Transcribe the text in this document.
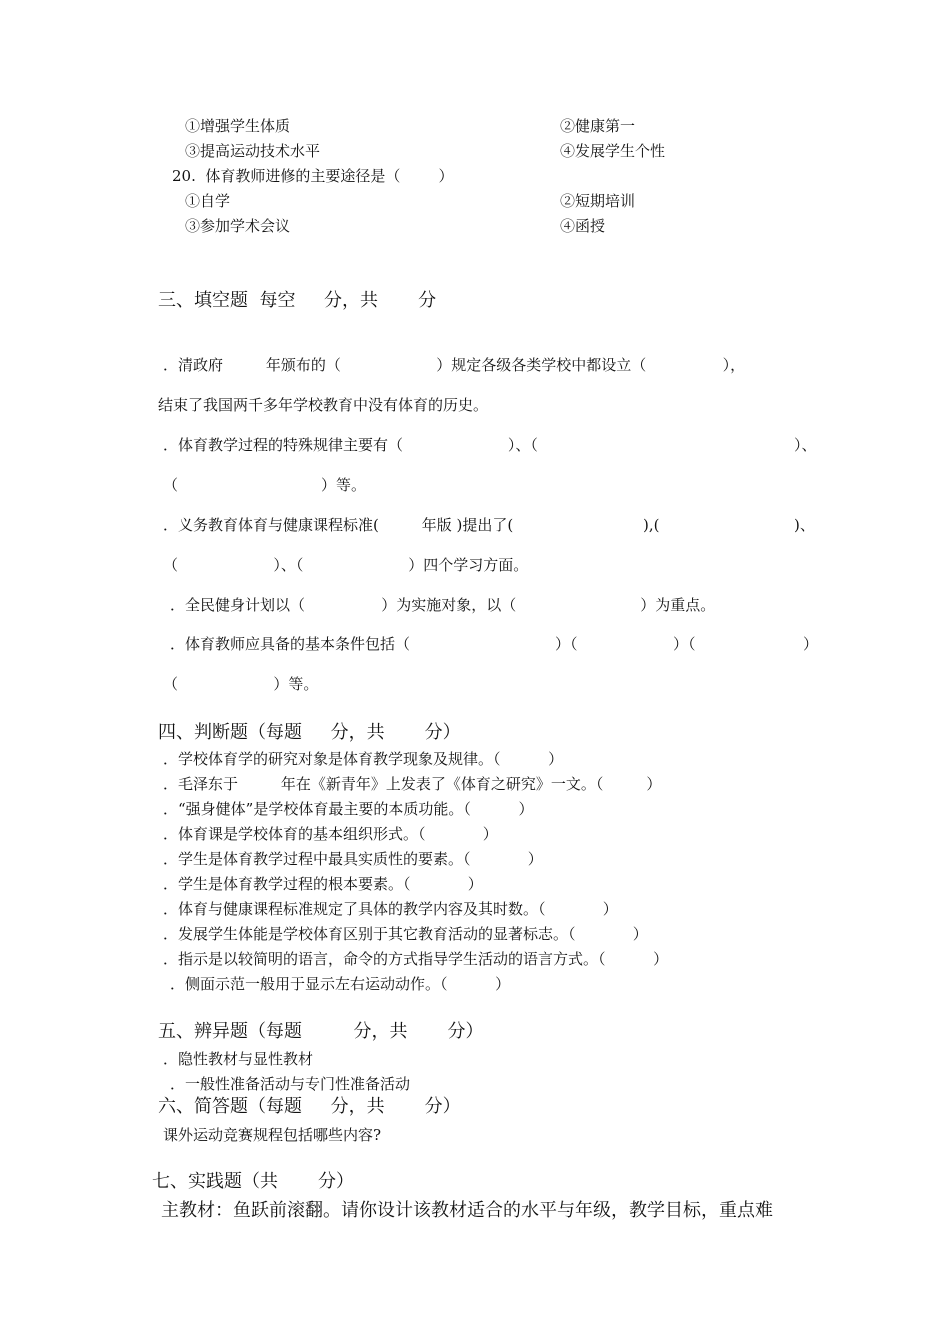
①增强学生体质	②健康第一
③提高运动技术水平	④发展学生个性
20.  体育教师进修的主要途径是（        ）
①自学	②短期培训
③参加学术会议	④函授
三、填空题  每空     分，共       分
．清政府         年颁布的（                    ）规定各级各类学校中都设立（                ），
结束了我国两千多年学校教育中没有体育的历史。
．体育教学过程的特殊规律主要有（                      ）、（	）、
（                              ）等。
．义务教育体育与健康课程标准(         年版 )提出了(	),(	)、
（                    ）、（                      ）四个学习方面。
．全民健身计划以（                ）为实施对象，以（                          ）为重点。
．体育教师应具备的基本条件包括（	）（	）（	）
（                    ）等。
四、判断题（每题     分，共       分）
．学校体育学的研究对象是体育教学现象及规律。（          ）
．毛泽东于         年在《新青年》上发表了《体育之研究》一文。（         ）
．“强身健体”是学校体育最主要的本质功能。（          ）
．体育课是学校体育的基本组织形式。（            ）
．学生是体育教学过程中最具实质性的要素。（            ）
．学生是体育教学过程的根本要素。（            ）
．体育与健康课程标准规定了具体的教学内容及其时数。（            ）
．发展学生体能是学校体育区别于其它教育活动的显著标志。（            ）
．指示是以较简明的语言，命令的方式指导学生活动的语言方式。（          ）
．侧面示范一般用于显示左右运动动作。（          ）
五、辨异题（每题         分，共       分）
．隐性教材与显性教材
．一般性准备活动与专门性准备活动
六、简答题（每题     分，共       分）
课外运动竞赛规程包括哪些内容?
七、实践题（共       分）
主教材：鱼跃前滚翻。请你设计该教材适合的水平与年级，教学目标，重点难
